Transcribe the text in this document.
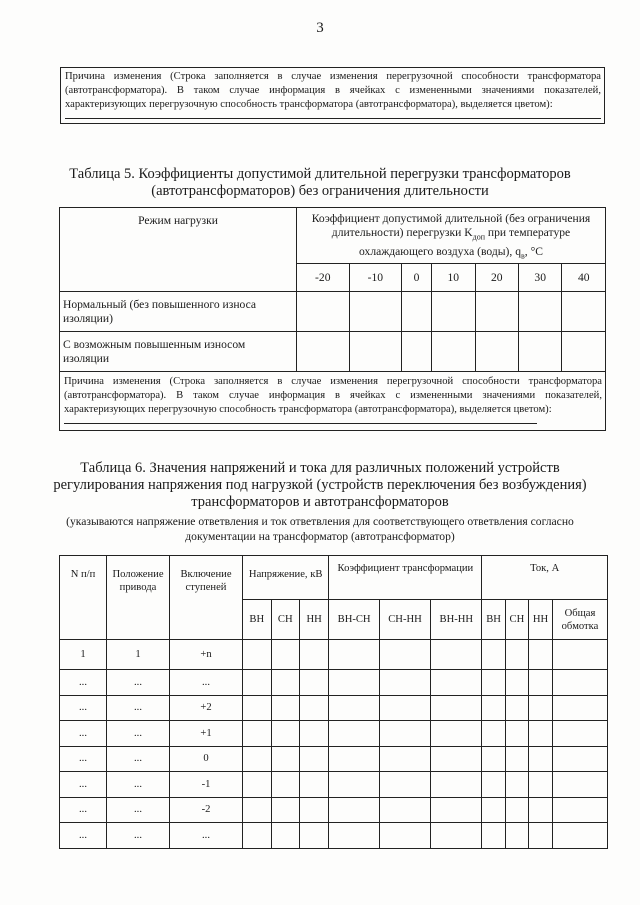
3
Причина изменения (Строка заполняется в случае изменения перегрузочной способности трансформатора (автотрансформатора). В таком случае информация в ячейках с измененными значениями показателей, характеризующих перегрузочную способность трансформатора (автотрансформатора), выделяется цветом):
Таблица 5. Коэффициенты допустимой длительной перегрузки трансформаторов (автотрансформаторов) без ограничения длительности
Режим нагрузки	Коэффициент допустимой длительной (без ограничения длительности) перегрузки $K_{доп}$ при температуре охлаждающего воздуха (воды), $q_в$, °С						
	-20	-10	0	10	20	30	40
Нормальный (без повышенного износа изоляции)							
С возможным повышенным износом изоляции							

Причина изменения (Строка заполняется в случае изменения перегрузочной способности трансформатора (автотрансформатора). В таком случае информация в ячейках с измененными значениями показателей, характеризующих перегрузочную способность трансформатора (автотрансформатора), выделяется цветом):							
Таблица 6. Значения напряжений и тока для различных положений устройств регулирования напряжения под нагрузкой (устройств переключения без возбуждения) трансформаторов и автотрансформаторов
(указываются напряжение ответвления и ток ответвления для соответствующего ответвления согласно документации на трансформатор (автотрансформатор)
N п/п	Положение привода	Включение ступеней	Напряжение, кВ			Коэффициент трансформации			Ток, А			
			ВН	СН	НН	ВН-СН	СН-НН	ВН-НН	ВН	СН	НН	Общая обмотка
1	1	+n										
...	...	...										
...	...	+2										
...	...	+1										
...	...	0										
...	...	-1										
...	...	-2										
...	...	...										
